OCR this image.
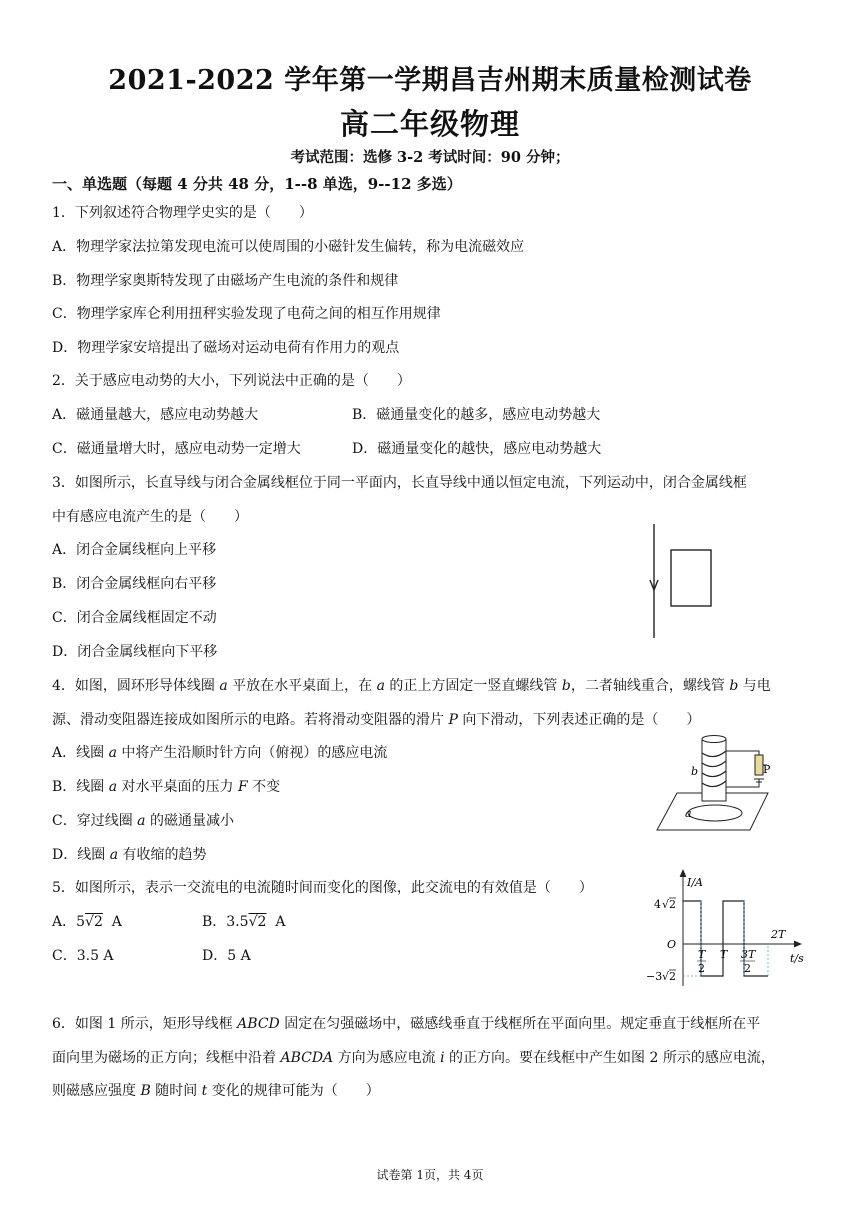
2021-2022 学年第一学期昌吉州期末质量检测试卷
高二年级物理
考试范围：选修 3-2 考试时间：90 分钟；
一、单选题（每题 4 分共 48 分，1--8 单选，9--12 多选）
1．下列叙述符合物理学史实的是（　　）
A．物理学家法拉第发现电流可以使周围的小磁针发生偏转，称为电流磁效应
B．物理学家奥斯特发现了由磁场产生电流的条件和规律
C．物理学家库仑利用扭秤实验发现了电荷之间的相互作用规律
D．物理学家安培提出了磁场对运动电荷有作用力的观点
2．关于感应电动势的大小，下列说法中正确的是（　　）
A．磁通量越大，感应电动势越大	B．磁通量变化的越多，感应电动势越大
C．磁通量增大时，感应电动势一定增大	D．磁通量变化的越快，感应电动势越大
3．如图所示，长直导线与闭合金属线框位于同一平面内，长直导线中通以恒定电流，下列运动中，闭合金属线框
中有感应电流产生的是（　　）
A．闭合金属线框向上平移
B．闭合金属线框向右平移
C．闭合金属线框固定不动
D．闭合金属线框向下平移
4．如图，圆环形导体线圈 a 平放在水平桌面上，在 a 的正上方固定一竖直螺线管 b，二者轴线重合，螺线管 b 与电
源、滑动变阻器连接成如图所示的电路。若将滑动变阻器的滑片 P 向下滑动，下列表述正确的是（　　）
A．线圈 a 中将产生沿顺时针方向（俯视）的感应电流
B．线圈 a 对水平桌面的压力 F 不变
C．穿过线圈 a 的磁通量减小
D．线圈 a 有收缩的趋势
a
b	P
5．如图所示，表示一交流电的电流随时间而变化的图像，此交流电的有效值是（　　）
A．5√2 A	B．3.5√2 A
C．3.5 A	D．5 A
I/A
t/s
O
4 √ 2
−3 √ 2
T
2
T 3T
2
2T
6．如图 1 所示，矩形导线框 ABCD 固定在匀强磁场中，磁感线垂直于线框所在平面向里。规定垂直于线框所在平
面向里为磁场的正方向；线框中沿着 ABCDA 方向为感应电流 i 的正方向。要在线框中产生如图 2 所示的感应电流，
则磁感应强度 B 随时间 t 变化的规律可能为（　　）
试卷第 1页，共 4页
